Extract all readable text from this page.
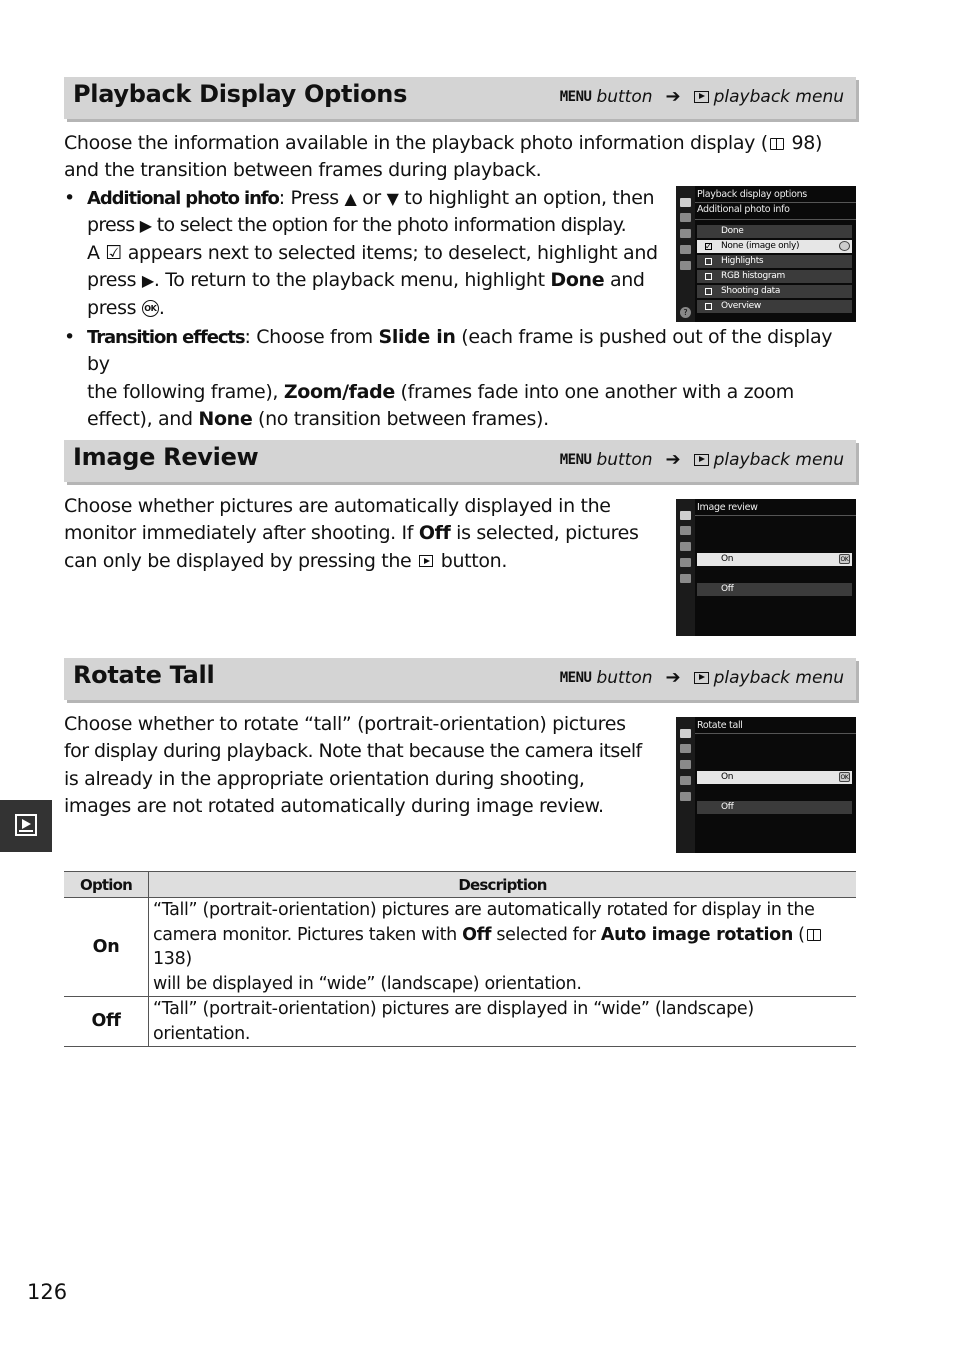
Playback Display Options	MENU button ➔ playback menu
Choose the information available in the playback photo information display ( 98)
and the transition between frames during playback.
• Additional photo info: Press ▲ or ▼ to highlight an option, then
press ▶ to select the option for the photo information display.
A ☑ appears next to selected items; to deselect, highlight and
press ▶. To return to the playback menu, highlight Done and
press OK .	?
Playback display options
Additional photo info
Done
✓
None (image only)
Highlights
RGB histogram
Shooting data
Overview
• Transition effects: Choose from Slide in (each frame is pushed out of the display by
the following frame), Zoom/fade (frames fade into one another with a zoom
effect), and None (no transition between frames).
Image Review	MENU button ➔ playback menu
Choose whether pictures are automatically displayed in the
monitor immediately after shooting. If Off is selected, pictures
can only be displayed by pressing the  button.
Image review
On	OK
Off
Rotate Tall	MENU button ➔ playback menu
Choose whether to rotate “tall” (portrait-orientation) pictures
for display during playback. Note that because the camera itself
is already in the appropriate orientation during shooting,
images are not rotated automatically during image review.
Rotate tall
On	OK
Off
Option	Description
On	“Tall” (portrait-orientation) pictures are automatically rotated for display in the
camera monitor. Pictures taken with Off selected for Auto image rotation ( 138)
will be displayed in “wide” (landscape) orientation.

Off	“Tall” (portrait-orientation) pictures are displayed in “wide” (landscape) orientation.
126
